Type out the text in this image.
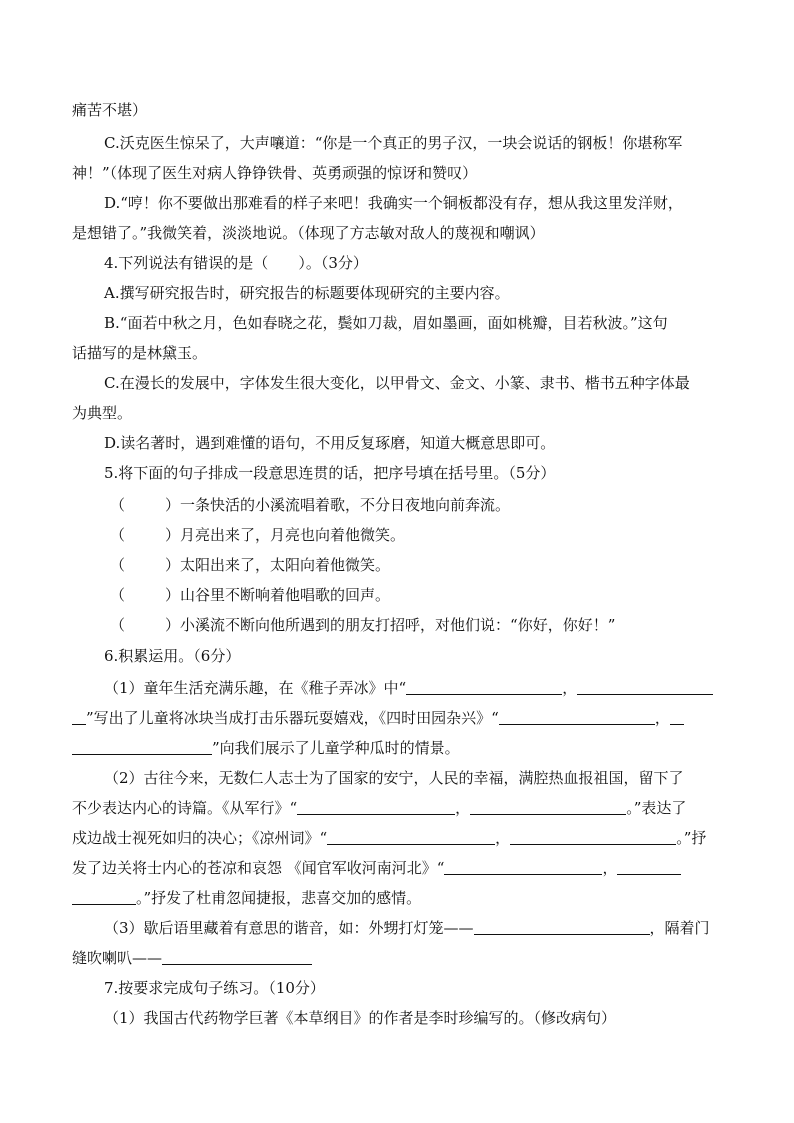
痛苦不堪）
C.沃克医生惊呆了，大声嚷道：“你是一个真正的男子汉，一块会说话的钢板！你堪称军
神！”（体现了医生对病人铮铮铁骨、英勇顽强的惊讶和赞叹）
D.“哼！你不要做出那难看的样子来吧！我确实一个铜板都没有存，想从我这里发洋财，
是想错了。”我微笑着，淡淡地说。（体现了方志敏对敌人的蔑视和嘲讽）
4.下列说法有错误的是（　　）。（3分）
A.撰写研究报告时，研究报告的标题要体现研究的主要内容。
B.“面若中秋之月，色如春晓之花，鬓如刀裁，眉如墨画，面如桃瓣，目若秋波。”这句
话描写的是林黛玉。
C.在漫长的发展中，字体发生很大变化，以甲骨文、金文、小篆、隶书、楷书五种字体最
为典型。
D.读名著时，遇到难懂的语句，不用反复琢磨，知道大概意思即可。
5.将下面的句子排成一段意思连贯的话，把序号填在括号里。（5分）
（	）一条快活的小溪流唱着歌，不分日夜地向前奔流。
（	）月亮出来了，月亮也向着他微笑。
（	）太阳出来了，太阳向着他微笑。
（	）山谷里不断响着他唱歌的回声。
（	）小溪流不断向他所遇到的朋友打招呼，对他们说：“你好，你好！”
6.积累运用。（6分）
（1）童年生活充满乐趣，在《稚子弄冰》中“	，
”写出了儿童将冰块当成打击乐器玩耍嬉戏，《四时田园杂兴》“	，
”向我们展示了儿童学种瓜时的情景。
（2）古往今来，无数仁人志士为了国家的安宁，人民的幸福，满腔热血报祖国，留下了
不少表达内心的诗篇。《从军行》“	，	。”表达了
戍边战士视死如归的决心；《凉州词》“	，	。”抒
发了边关将士内心的苍凉和哀怨 《闻官军收河南河北》“	，
。”抒发了杜甫忽闻捷报，悲喜交加的感情。
（3）歇后语里藏着有意思的谐音，如：外甥打灯笼——	，隔着门
缝吹喇叭——
7.按要求完成句子练习。（10分）
（1）我国古代药物学巨著《本草纲目》的作者是李时珍编写的。（修改病句）
